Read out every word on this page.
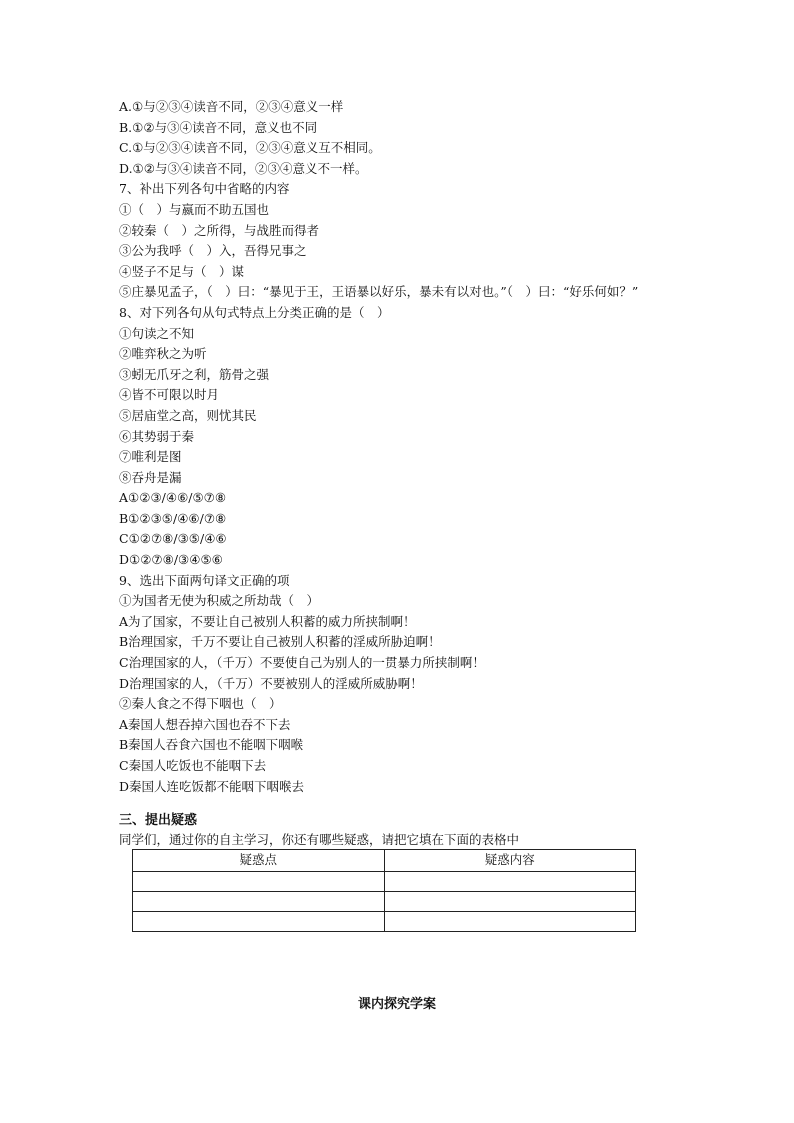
A.①与②③④读音不同，②③④意义一样
B.①②与③④读音不同，意义也不同
C.①与②③④读音不同，②③④意义互不相同。
D.①②与③④读音不同，②③④意义不一样。
7、补出下列各句中省略的内容
①（　）与嬴而不助五国也
②较秦（　）之所得，与战胜而得者
③公为我呼（　）入，吾得兄事之
④竖子不足与（　）谋
⑤庄暴见孟子，（　）曰：“暴见于王，王语暴以好乐，暴未有以对也。”（　）曰：“好乐何如？”
8、对下列各句从句式特点上分类正确的是（　）
①句读之不知
②唯弈秋之为听
③蚓无爪牙之利，筋骨之强
④皆不可限以时月
⑤居庙堂之高，则忧其民
⑥其势弱于秦
⑦唯利是图
⑧吞舟是漏
A①②③/④⑥/⑤⑦⑧
B①②③⑤/④⑥/⑦⑧
C①②⑦⑧/③⑤/④⑥
D①②⑦⑧/③④⑤⑥
9、选出下面两句译文正确的项
①为国者无使为积威之所劫哉（　）
A为了国家，不要让自己被别人积蓄的威力所挟制啊！
B治理国家，千万不要让自己被别人积蓄的淫威所胁迫啊！
C治理国家的人，（千万）不要使自己为别人的一贯暴力所挟制啊！
D治理国家的人，（千万）不要被别人的淫威所威胁啊！
②秦人食之不得下咽也（　）
A秦国人想吞掉六国也吞不下去
B秦国人吞食六国也不能咽下咽喉
C秦国人吃饭也不能咽下去
D秦国人连吃饭都不能咽下咽喉去
三、提出疑惑
同学们，通过你的自主学习，你还有哪些疑惑，请把它填在下面的表格中
疑惑点	疑惑内容

课内探究学案
